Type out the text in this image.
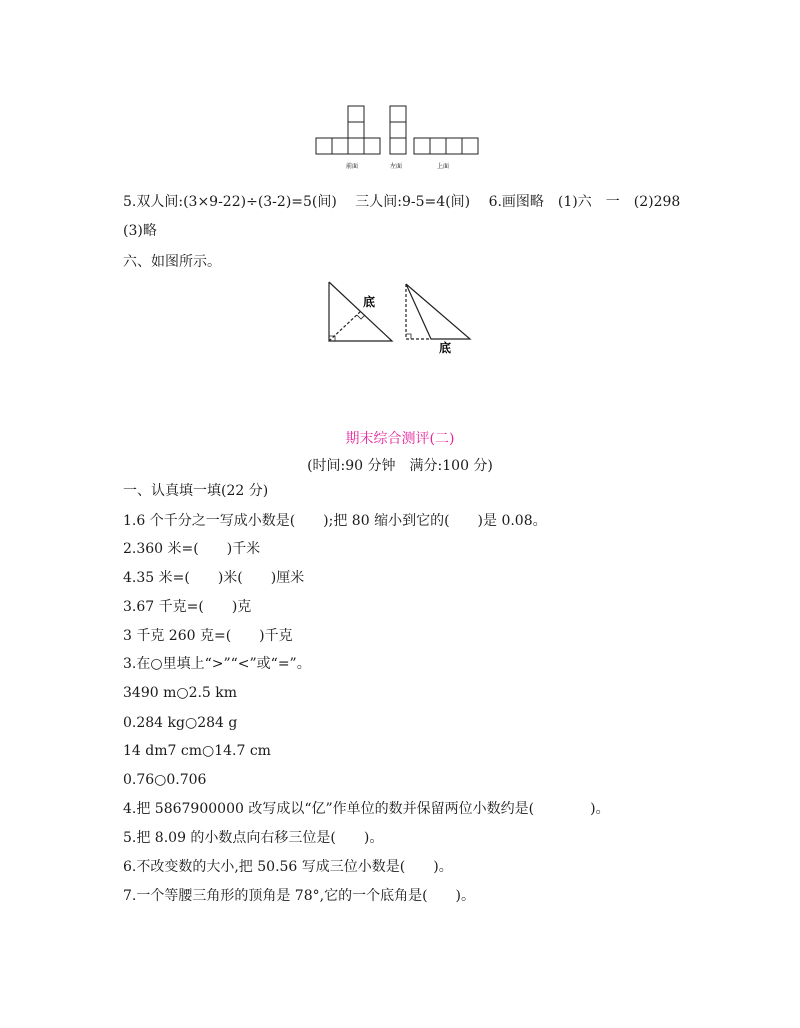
前面	左面	上面
5.双人间:(3×9-22)÷(3-2)=5(间)　 三人间:9-5=4(间)　 6.画图略　(1)六　一　(2)298
(3)略
六、如图所示。
底
底
期末综合测评(二)
(时间:90 分钟　满分:100 分)
一、认真填一填(22 分)
1.6 个千分之一写成小数是(　　);把 80 缩小到它的(　　)是 0.08。
2.360 米=(　　)千米
4.35 米=(　　)米(　　)厘米
3.67 千克=(　　)克
3 千克 260 克=(　　)千克
3.在○里填上“>”“<”或“=”。
3490 m○2.5 km
0.284 kg○284 g
14 dm7 cm○14.7 cm
0.76○0.706
4.把 5867900000 改写成以“亿”作单位的数并保留两位小数约是(　　　　)。
5.把 8.09 的小数点向右移三位是(　　)。
6.不改变数的大小,把 50.56 写成三位小数是(　　)。
7.一个等腰三角形的顶角是 78°,它的一个底角是(　　)。
